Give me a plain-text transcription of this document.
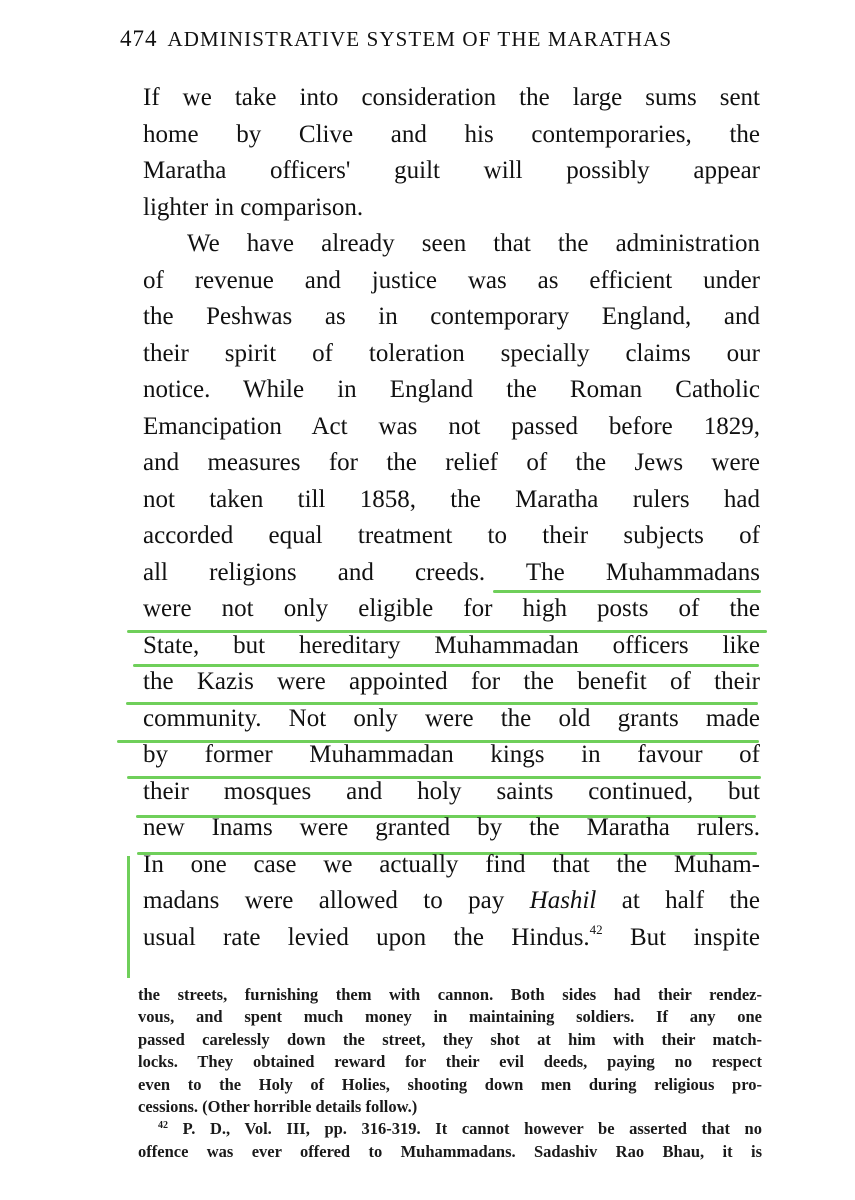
474 ADMINISTRATIVE SYSTEM OF THE MARATHAS
If we take into consideration the large sums sent
home by Clive and his contemporaries, the
Maratha officers' guilt will possibly appear
lighter in comparison.
We have already seen that the administration
of revenue and justice was as efficient under
the Peshwas as in contemporary England, and
their spirit of toleration specially claims our
notice. While in England the Roman Catholic
Emancipation Act was not passed before 1829,
and measures for the relief of the Jews were
not taken till 1858, the Maratha rulers had
accorded equal treatment to their subjects of
all religions and creeds. The Muhammadans
were not only eligible for high posts of the
State, but hereditary Muhammadan officers like
the Kazis were appointed for the benefit of their
community. Not only were the old grants made
by former Muhammadan kings in favour of
their mosques and holy saints continued, but
new Inams were granted by the Maratha rulers.
In one case we actually find that the Muham-
madans were allowed to pay Hashil at half the
usual rate levied upon the Hindus.$^{42}$ But inspite
the streets, furnishing them with cannon. Both sides had their rendez-
vous, and spent much money in maintaining soldiers. If any one
passed carelessly down the street, they shot at him with their match-
locks. They obtained reward for their evil deeds, paying no respect
even to the Holy of Holies, shooting down men during religious pro-
cessions. (Other horrible details follow.)
$^{42}$ P. D., Vol. III, pp. 316-319. It cannot however be asserted that no
offence was ever offered to Muhammadans. Sadashiv Rao Bhau, it is
